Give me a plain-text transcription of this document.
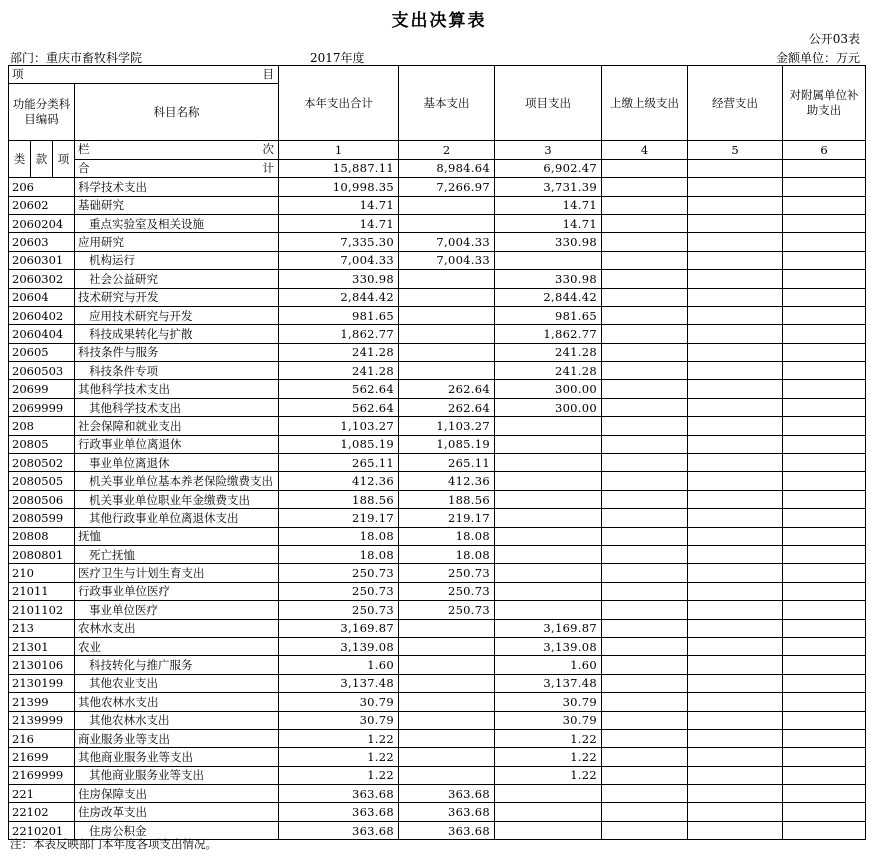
支出决算表
公开03表
部门：重庆市畜牧科学院	2017年度	金额单位：万元
项 目				本年支出合计	基本支出	项目支出	上缴上级支出	经营支出	对附属单位补助支出
功能分类科目编码			科目名称						
类	款	项							

			栏 次	1	2	3	4	5	6

			合 计	15,887.11	8,984.64	6,902.47			
206			科学技术支出	10,998.35	7,266.97	3,731.39			
20602			基础研究	14.71		14.71			
2060204			重点实验室及相关设施	14.71		14.71			
20603			应用研究	7,335.30	7,004.33	330.98			
2060301			机构运行	7,004.33	7,004.33				
2060302			社会公益研究	330.98		330.98			
20604			技术研究与开发	2,844.42		2,844.42			
2060402			应用技术研究与开发	981.65		981.65			
2060404			科技成果转化与扩散	1,862.77		1,862.77			
20605			科技条件与服务	241.28		241.28			
2060503			科技条件专项	241.28		241.28			
20699			其他科学技术支出	562.64	262.64	300.00			
2069999			其他科学技术支出	562.64	262.64	300.00			
208			社会保障和就业支出	1,103.27	1,103.27				
20805			行政事业单位离退休	1,085.19	1,085.19				
2080502			事业单位离退休	265.11	265.11				
2080505			机关事业单位基本养老保险缴费支出	412.36	412.36				
2080506			机关事业单位职业年金缴费支出	188.56	188.56				
2080599			其他行政事业单位离退休支出	219.17	219.17				
20808			抚恤	18.08	18.08				
2080801			死亡抚恤	18.08	18.08				
210			医疗卫生与计划生育支出	250.73	250.73				
21011			行政事业单位医疗	250.73	250.73				
2101102			事业单位医疗	250.73	250.73				
213			农林水支出	3,169.87		3,169.87			
21301			农业	3,139.08		3,139.08			
2130106			科技转化与推广服务	1.60		1.60			
2130199			其他农业支出	3,137.48		3,137.48			
21399			其他农林水支出	30.79		30.79			
2139999			其他农林水支出	30.79		30.79			
216			商业服务业等支出	1.22		1.22			
21699			其他商业服务业等支出	1.22		1.22			
2169999			其他商业服务业等支出	1.22		1.22			
221			住房保障支出	363.68	363.68				
22102			住房改革支出	363.68	363.68				
2210201			住房公积金	363.68	363.68				
注：本表反映部门本年度各项支出情况。
